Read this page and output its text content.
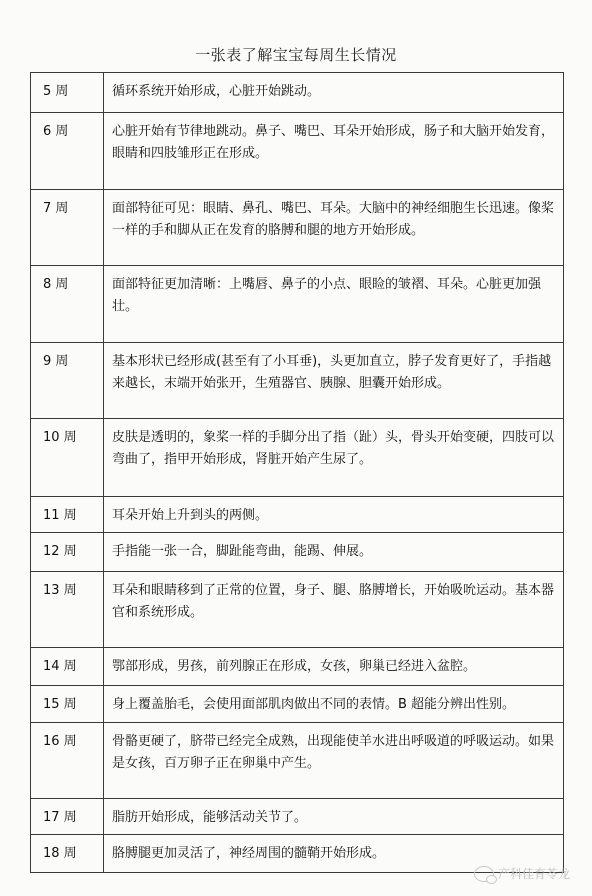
一张表了解宝宝每周生长情况
5 周	循环系统开始形成，心脏开始跳动。

6 周	心脏开始有节律地跳动。鼻子、嘴巴、耳朵开始形成，肠子和大脑开始发育，眼睛和四肢雏形正在形成。

7 周	面部特征可见：眼睛、鼻孔、嘴巴、耳朵。大脑中的神经细胞生长迅速。像桨一样的手和脚从正在发育的胳膊和腿的地方开始形成。

8 周	面部特征更加清晰：上嘴唇、鼻子的小点、眼睑的皱褶、耳朵。心脏更加强壮。

9 周	基本形状已经形成(甚至有了小耳垂)，头更加直立，脖子发育更好了，手指越来越长，末端开始张开，生殖器官、胰腺、胆囊开始形成。

10 周	皮肤是透明的，象桨一样的手脚分出了指（趾）头，骨头开始变硬，四肢可以弯曲了，指甲开始形成，肾脏开始产生尿了。

11 周	耳朵开始上升到头的两侧。

12 周	手指能一张一合，脚趾能弯曲，能踢、伸展。

13 周	耳朵和眼睛移到了正常的位置，身子、腿、胳膊增长，开始吸吮运动。基本器官和系统形成。

14 周	鄂部形成，男孩，前列腺正在形成，女孩，卵巢已经进入盆腔。

15 周	身上覆盖胎毛，会使用面部肌肉做出不同的表情。B 超能分辨出性别。

16 周	骨骼更硬了，脐带已经完全成熟，出现能使羊水进出呼吸道的呼吸运动。如果是女孩，百万卵子正在卵巢中产生。

17 周	脂肪开始形成，能够活动关节了。

18 周	胳膊腿更加灵活了，神经周围的髓鞘开始形成。
产科佳育苓龙
